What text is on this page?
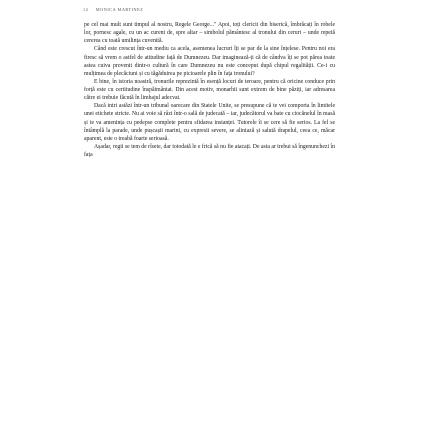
14 MONICA MARTINEZ

pe cel mai mult sunt timpul al nostru, Regele George..." Apoi, toți clericii din biserică, îmbrăcați în robele lor, pornesc agale, cu un ac curent de, spre altar – simbolul pământesc al tronului din ceruri – unde repetă cererea cu toată umilința cuvenită.

Când este crescut într-un mediu ca acela, asemenea lucruri îți se par de la sine înțelese. Pentru noi era firesc să vrem o astfel de atitudine față de Dumnezeu. Dar imaginează-ți că de cândva îți se pot părea toate astea cuiva provenit dintr-o cultură în care Dumnezeu nu este conceput după chipul regalității. Ce-i cu mulțimea de plecăciuni și cu tăgăduirea pe picioarele plin în fața tronului?

E bine, în istoria noastră, tronurile reprezintă în esență locuri de teroare, pentru că oricine conduce prin forță este cu certitudine înspăimântat. Din acest motiv, monarhii sunt extrem de bine păziți, iar adresarea către ei trebuie făcută în limbajul adecvat.

Dacă intri astăzi într-un tribunal oarecare din Statele Unite, se presupune că te vei comporta în limitele unei etichete stricte. Nu ai voie să râzi într-o sală de judecată – iar, judecătorul va bate cu ciocănelul în masă și te va amenința cu pedepse complete pentru sfidarea instanței. Tutorele îi se cere să fie serios. La fel se întâmplă la parade, unde pușcașii marini, cu expresii severe, se aliniază și salută drapelul, ceea ce, măcar aparent, este o treabă foarte serioasă.

Așadar, regii se tem de rîsete, dar totodată le e frică să nu fie atacați. De asta ar trebui să îngenunchezi în fața
